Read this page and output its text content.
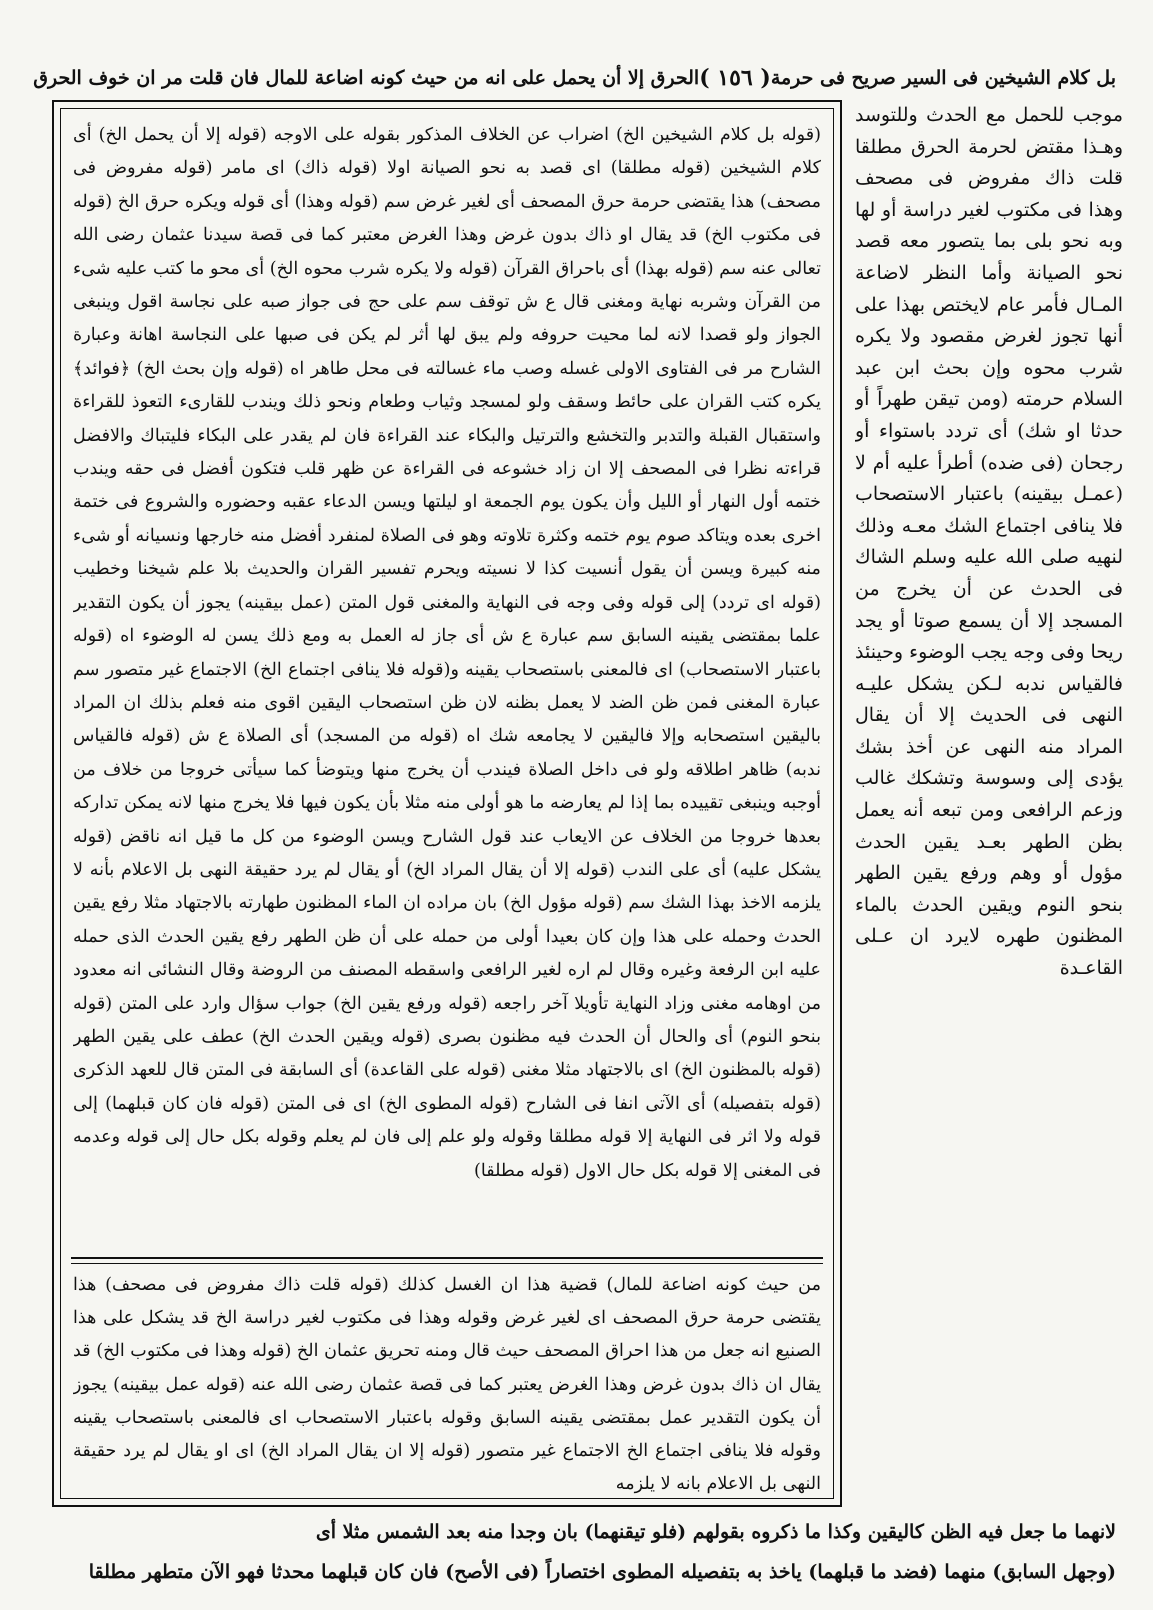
بل كلام الشيخين فى السير صريح فى حرمة
( ١٥٦ )
الحرق إلا أن يحمل على انه من حيث كونه اضاعة للمال فان قلت مر ان خوف الحرق

موجب للحمل مع الحدث وللتوسد وهـذا مقتض لحرمة الحرق مطلقا قلت ذاك مفروض فى مصحف وهذا فى مكتوب لغير دراسة أو لها وبه نحو بلى بما يتصور معه قصد نحو الصيانة وأما النظر لاضاعة المـال فأمر عام لايختص بهذا على أنها تجوز لغرض مقصود ولا يكره شرب محوه وإن بحث ابن عبد السلام حرمته (ومن تيقن طهراً أو حدثا او شك) أى تردد باستواء أو رجحان (فى ضده) أطرأ عليه أم لا (عمـل بيقينه) باعتبار الاستصحاب فلا ينافى اجتماع الشك معـه وذلك لنهيه صلى الله عليه وسلم الشاك فى الحدث عن أن يخرج من المسجد إلا أن يسمع صوتا أو يجد ريحا وفى وجه يجب الوضوء وحينئذ فالقياس ندبه لـكن يشكل عليـه النهى فى الحديث إلا أن يقال المراد منه النهى عن أخذ بشك يؤدى إلى وسوسة وتشكك غالب وزعم الرافعى ومن تبعه أنه يعمل بظن الطهر بعـد يقين الحدث مؤول أو وهم ورفع يقين الطهر بنحو النوم ويقين الحدث بالماء المظنون طهره لايرد ان عـلى القاعـدة

(قوله بل كلام الشيخين الخ) اضراب عن الخلاف المذكور بقوله على الاوجه (قوله إلا أن يحمل الخ) أى كلام الشيخين (قوله مطلقا) اى قصد به نحو الصيانة اولا (قوله ذاك) اى مامر (قوله مفروض فى مصحف) هذا يقتضى حرمة حرق المصحف أى لغير غرض سم (قوله وهذا) أى قوله ويكره حرق الخ (قوله فى مكتوب الخ) قد يقال او ذاك بدون غرض وهذا الغرض معتبر كما فى قصة سيدنا عثمان رضى الله تعالى عنه سم (قوله بهذا) أى باحراق القرآن (قوله ولا يكره شرب محوه الخ) أى محو ما كتب عليه شىء من القرآن وشربه نهاية ومغنى قال ع ش توقف سم على حج فى جواز صبه على نجاسة اقول وينبغى الجواز ولو قصدا لانه لما محيت حروفه ولم يبق لها أثر لم يكن فى صبها على النجاسة اهانة وعبارة الشارح مر فى الفتاوى الاولى غسله وصب ماء غسالته فى محل طاهر اه (قوله وإن بحث الخ) ﴿فوائد﴾ يكره كتب القران على حائط وسقف ولو لمسجد وثياب وطعام ونحو ذلك ويندب للقارىء التعوذ للقراءة واستقبال القبلة والتدبر والتخشع والترتيل والبكاء عند القراءة فان لم يقدر على البكاء فليتباك والافضل قراءته نظرا فى المصحف إلا ان زاد خشوعه فى القراءة عن ظهر قلب فتكون أفضل فى حقه ويندب ختمه أول النهار أو الليل وأن يكون يوم الجمعة او ليلتها ويسن الدعاء عقبه وحضوره والشروع فى ختمة اخرى بعده ويتاكد صوم يوم ختمه وكثرة تلاوته وهو فى الصلاة لمنفرد أفضل منه خارجها ونسيانه أو شىء منه كبيرة ويسن أن يقول أنسيت كذا لا نسيته ويحرم تفسير القران والحديث بلا علم شيخنا وخطيب (قوله اى تردد) إلى قوله وفى وجه فى النهاية والمغنى قول المتن (عمل بيقينه) يجوز أن يكون التقدير علما بمقتضى يقينه السابق سم عبارة ع ش أى جاز له العمل به ومع ذلك يسن له الوضوء اه (قوله باعتبار الاستصحاب) اى فالمعنى باستصحاب يقينه و(قوله فلا ينافى اجتماع الخ) الاجتماع غير متصور سم عبارة المغنى فمن ظن الضد لا يعمل بظنه لان ظن استصحاب اليقين اقوى منه فعلم بذلك ان المراد باليقين استصحابه وإلا فاليقين لا يجامعه شك اه (قوله من المسجد) أى الصلاة ع ش (قوله فالقياس ندبه) ظاهر اطلاقه ولو فى داخل الصلاة فيندب أن يخرج منها ويتوضأ كما سيأتى خروجا من خلاف من أوجبه وينبغى تقييده بما إذا لم يعارضه ما هو أولى منه مثلا بأن يكون فيها فلا يخرج منها لانه يمكن تداركه بعدها خروجا من الخلاف عن الايعاب عند قول الشارح ويسن الوضوء من كل ما قيل انه ناقض (قوله يشكل عليه) أى على الندب (قوله إلا أن يقال المراد الخ) أو يقال لم يرد حقيقة النهى بل الاعلام بأنه لا يلزمه الاخذ بهذا الشك سم (قوله مؤول الخ) بان مراده ان الماء المظنون طهارته بالاجتهاد مثلا رفع يقين الحدث وحمله على هذا وإن كان بعيدا أولى من حمله على أن ظن الطهر رفع يقين الحدث الذى حمله عليه ابن الرفعة وغيره وقال لم اره لغير الرافعى واسقطه المصنف من الروضة وقال النشائى انه معدود من اوهامه مغنى وزاد النهاية تأويلا آخر راجعه (قوله ورفع يقين الخ) جواب سؤال وارد على المتن (قوله بنحو النوم) أى والحال أن الحدث فيه مظنون بصرى (قوله ويقين الحدث الخ) عطف على يقين الطهر (قوله بالمظنون الخ) اى بالاجتهاد مثلا مغنى (قوله على القاعدة) أى السابقة فى المتن قال للعهد الذكرى (قوله بتفصيله) أى الآتى انفا فى الشارح (قوله المطوى الخ) اى فى المتن (قوله فان كان قبلهما) إلى قوله ولا اثر فى النهاية إلا قوله مطلقا وقوله ولو علم إلى فان لم يعلم وقوله بكل حال إلى قوله وعدمه فى المغنى إلا قوله بكل حال الاول (قوله مطلقا)

من حيث كونه اضاعة للمال) قضية هذا ان الغسل كذلك (قوله قلت ذاك مفروض فى مصحف) هذا يقتضى حرمة حرق المصحف اى لغير غرض وقوله وهذا فى مكتوب لغير دراسة الخ قد يشكل على هذا الصنيع انه جعل من هذا احراق المصحف حيث قال ومنه تحريق عثمان الخ (قوله وهذا فى مكتوب الخ) قد يقال ان ذاك بدون غرض وهذا الغرض يعتبر كما فى قصة عثمان رضى الله عنه (قوله عمل بيقينه) يجوز أن يكون التقدير عمل بمقتضى يقينه السابق وقوله باعتبار الاستصحاب اى فالمعنى باستصحاب يقينه وقوله فلا ينافى اجتماع الخ الاجتماع غير متصور (قوله إلا ان يقال المراد الخ) اى او يقال لم يرد حقيقة النهى بل الاعلام بانه لا يلزمه

لانهما ما جعل فيه الظن كاليقين وكذا ما ذكروه بقولهم (فلو تيقنهما) بان وجدا منه بعد الشمس مثلا أى

(وجهل السابق) منهما (فضد ما قبلهما) ياخذ به بتفصيله المطوى اختصاراً (فى الأصح) فان كان قبلهما محدثا فهو الآن متطهر مطلقا
